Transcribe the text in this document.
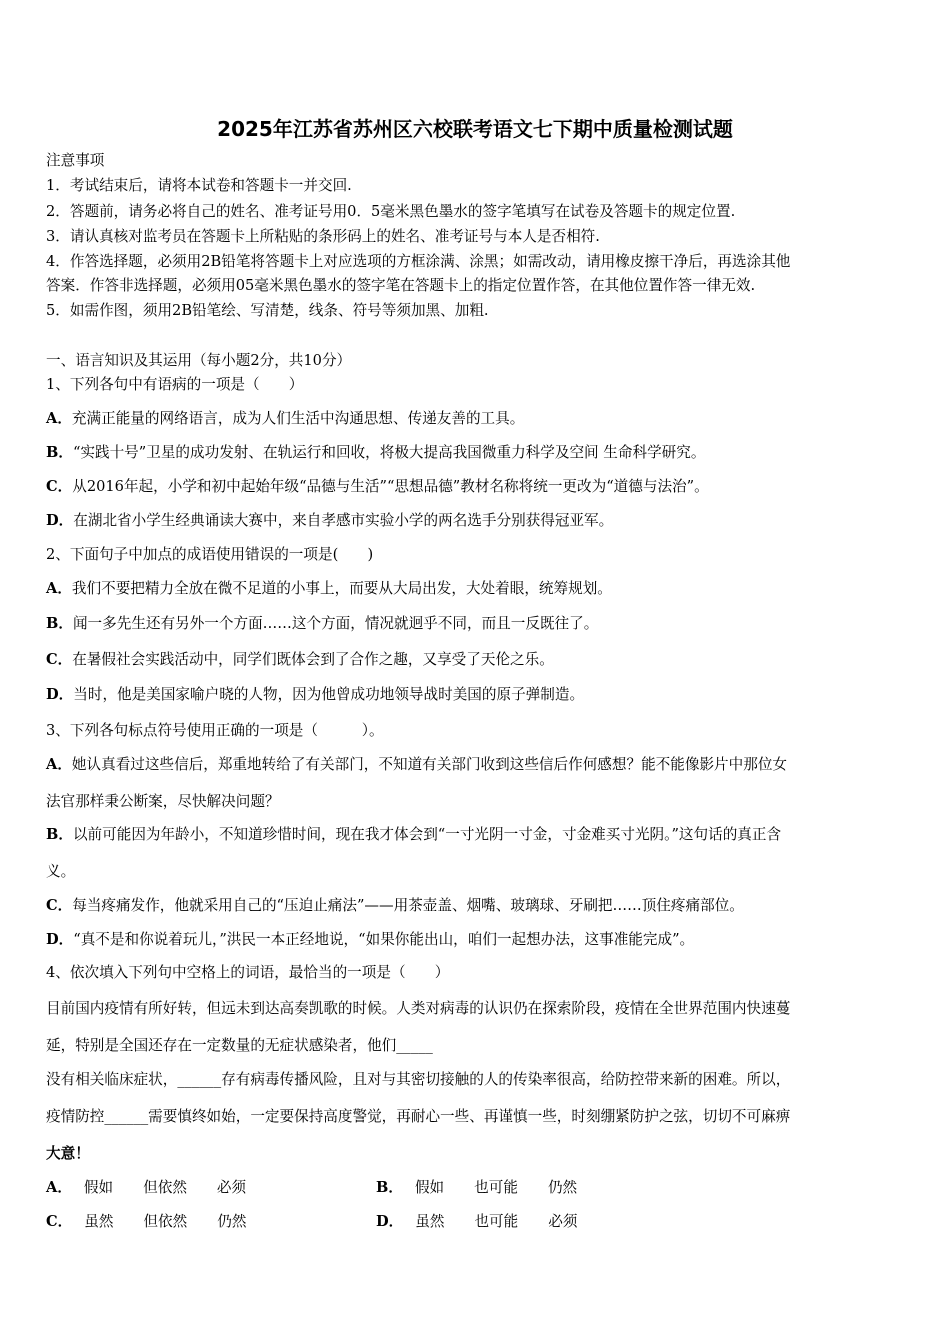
2025年江苏省苏州区六校联考语文七下期中质量检测试题
注意事项
1．考试结束后，请将本试卷和答题卡一并交回.
2．答题前，请务必将自己的姓名、准考证号用0．5毫米黑色墨水的签字笔填写在试卷及答题卡的规定位置.
3．请认真核对监考员在答题卡上所粘贴的条形码上的姓名、准考证号与本人是否相符.
4．作答选择题，必须用2B铅笔将答题卡上对应选项的方框涂满、涂黑；如需改动，请用橡皮擦干净后，再选涂其他
答案．作答非选择题，必须用05毫米黑色墨水的签字笔在答题卡上的指定位置作答，在其他位置作答一律无效.
5．如需作图，须用2B铅笔绘、写清楚，线条、符号等须加黑、加粗.
一、语言知识及其运用（每小题2分，共10分）
1、下列各句中有语病的一项是（　　）
A．充满正能量的网络语言，成为人们生活中沟通思想、传递友善的工具。
B．“实践十号”卫星的成功发射、在轨运行和回收，将极大提高我国微重力科学及空间 生命科学研究。
C．从2016年起，小学和初中起始年级“品德与生活”“思想品德”教材名称将统一更改为“道德与法治”。
D．在湖北省小学生经典诵读大赛中，来自孝感市实验小学的两名选手分别获得冠亚军。
2、下面句子中加点的成语使用错误的一项是(　　)
A．我们不要把精力全放在微不足道的小事上，而要从大局出发，大处着眼，统筹规划。
B．闻一多先生还有另外一个方面……这个方面，情况就迥乎不同，而且一反既往了。
C．在暑假社会实践活动中，同学们既体会到了合作之趣，又享受了天伦之乐。
D．当时，他是美国家喻户晓的人物，因为他曾成功地领导战时美国的原子弹制造。
3、下列各句标点符号使用正确的一项是（　　　）。
A．她认真看过这些信后，郑重地转给了有关部门，不知道有关部门收到这些信后作何感想？能不能像影片中那位女
法官那样秉公断案，尽快解决问题？
B．以前可能因为年龄小，不知道珍惜时间，现在我才体会到“一寸光阴一寸金，寸金难买寸光阴。”这句话的真正含
义。
C．每当疼痛发作，他就采用自己的“压迫止痛法”——用茶壶盖、烟嘴、玻璃球、牙刷把……顶住疼痛部位。
D．“真不是和你说着玩儿，”洪民一本正经地说，“如果你能出山，咱们一起想办法，这事准能完成”。
4、依次填入下列句中空格上的词语，最恰当的一项是（　　）
目前国内疫情有所好转，但远未到达高奏凯歌的时候。人类对病毒的认识仍在探索阶段，疫情在全世界范围内快速蔓
延，特别是全国还存在一定数量的无症状感染者，他们_____
没有相关临床症状，______存有病毒传播风险，且对与其密切接触的人的传染率很高，给防控带来新的困难。所以，
疫情防控______需要慎终如始，一定要保持高度警觉，再耐心一些、再谨慎一些，时刻绷紧防护之弦，切切不可麻痹
大意！
A． 假如 但依然 必须	B． 假如 也可能 仍然
C． 虽然 但依然 仍然	D． 虽然 也可能 必须
